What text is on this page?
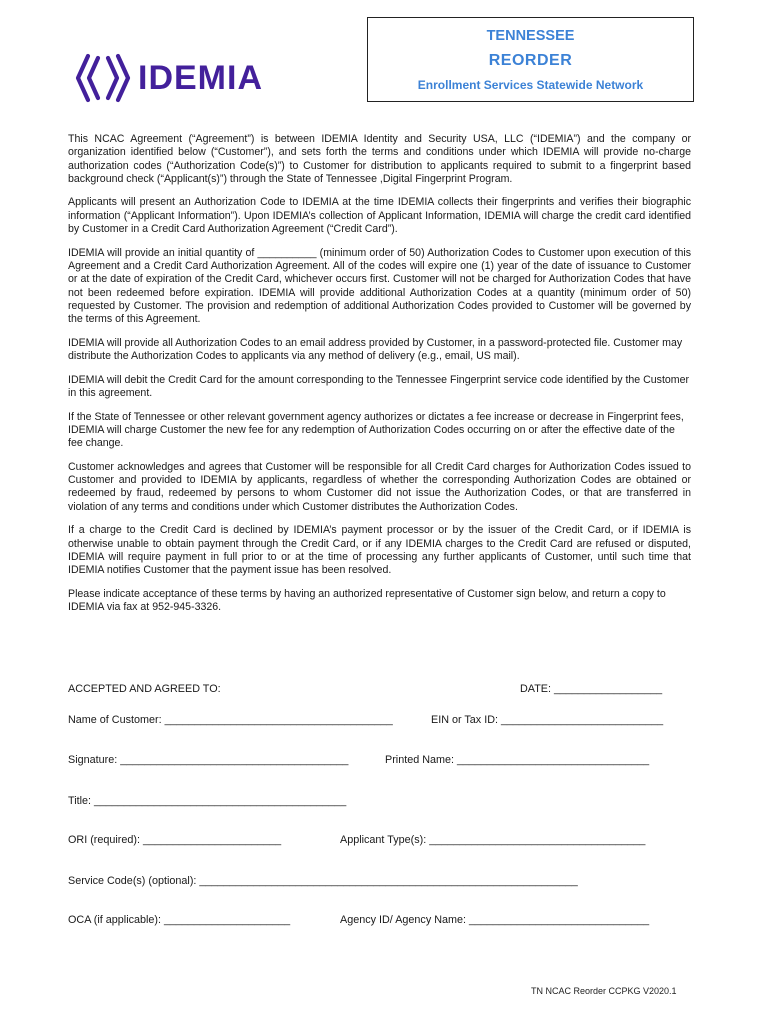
IDEMIA
TENNESSEE
REORDER
Enrollment Services Statewide Network

This NCAC Agreement (“Agreement”) is between IDEMIA Identity and Security USA, LLC (“IDEMIA”) and the company or organization identified below (“Customer”), and sets forth the terms and conditions under which IDEMIA will provide no-charge authorization codes (“Authorization Code(s)”) to Customer for distribution to applicants required to submit to a fingerprint based background check (“Applicant(s)”) through the State of Tennessee ,Digital Fingerprint Program.

Applicants will present an Authorization Code to IDEMIA at the time IDEMIA collects their fingerprints and verifies their biographic information (“Applicant Information”). Upon IDEMIA’s collection of Applicant Information, IDEMIA will charge the credit card identified by Customer in a Credit Card Authorization Agreement (“Credit Card”).

IDEMIA will provide an initial quantity of __________ (minimum order of 50) Authorization Codes to Customer upon execution of this Agreement and a Credit Card Authorization Agreement. All of the codes will expire one (1) year of the date of issuance to Customer or at the date of expiration of the Credit Card, whichever occurs first. Customer will not be charged for Authorization Codes that have not been redeemed before expiration. IDEMIA will provide additional Authorization Codes at a quantity (minimum order of 50) requested by Customer. The provision and redemption of additional Authorization Codes provided to Customer will be governed by the terms of this Agreement.

IDEMIA will provide all Authorization Codes to an email address provided by Customer, in a password-protected file. Customer may distribute the Authorization Codes to applicants via any method of delivery (e.g., email, US mail).

IDEMIA will debit the Credit Card for the amount corresponding to the Tennessee Fingerprint service code identified by the Customer in this agreement.

If the State of Tennessee or other relevant government agency authorizes or dictates a fee increase or decrease in Fingerprint fees, IDEMIA will charge Customer the new fee for any redemption of Authorization Codes occurring on or after the effective date of the fee change.

Customer acknowledges and agrees that Customer will be responsible for all Credit Card charges for Authorization Codes issued to Customer and provided to IDEMIA by applicants, regardless of whether the corresponding Authorization Codes are obtained or redeemed by fraud, redeemed by persons to whom Customer did not issue the Authorization Codes, or that are transferred in violation of any terms and conditions under which Customer distributes the Authorization Codes.

If a charge to the Credit Card is declined by IDEMIA’s payment processor or by the issuer of the Credit Card, or if IDEMIA is otherwise unable to obtain payment through the Credit Card, or if any IDEMIA charges to the Credit Card are refused or disputed, IDEMIA will require payment in full prior to or at the time of processing any further applicants of Customer, until such time that IDEMIA notifies Customer that the payment issue has been resolved.

Please indicate acceptance of these terms by having an authorized representative of Customer sign below, and return a copy to IDEMIA via fax at 952-945-3326.

ACCEPTED AND AGREED TO:	DATE: __________________
Name of Customer: ______________________________________	EIN or Tax ID: ___________________________
Signature: ______________________________________	Printed Name: ________________________________
Title: __________________________________________
ORI (required): _______________________	Applicant Type(s): ____________________________________
Service Code(s) (optional): _______________________________________________________________
OCA (if applicable): _____________________	Agency ID/ Agency Name: ______________________________
TN NCAC Reorder CCPKG V2020.1
